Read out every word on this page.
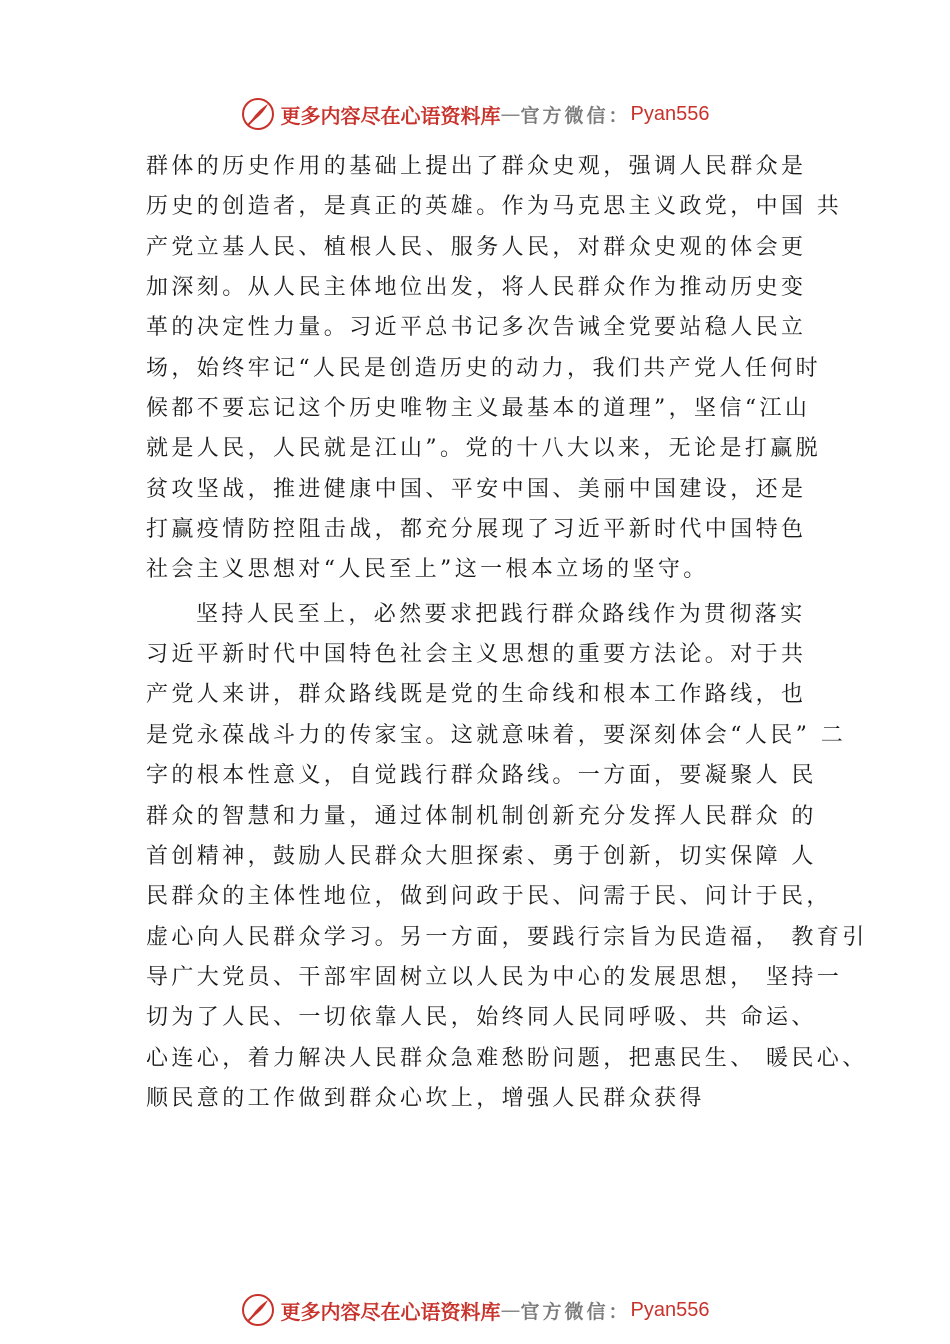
更多内容尽在心语资料库 — 官方微信： Pyan556
群体的历史作用的基础上提出了群众史观，强调人民群众是
历史的创造者，是真正的英雄。作为马克思主义政党，中国 共
产党立基人民、植根人民、服务人民，对群众史观的体会更
加深刻。从人民主体地位出发，将人民群众作为推动历史变
革的决定性力量。习近平总书记多次告诫全党要站稳人民立
场，始终牢记“人民是创造历史的动力，我们共产党人任何时
候都不要忘记这个历史唯物主义最基本的道理”，坚信“江山
就是人民，人民就是江山”。党的十八大以来，无论是打赢脱
贫攻坚战，推进健康中国、平安中国、美丽中国建设，还是
打赢疫情防控阻击战，都充分展现了习近平新时代中国特色
社会主义思想对“人民至上”这一根本立场的坚守。
坚持人民至上，必然要求把践行群众路线作为贯彻落实
习近平新时代中国特色社会主义思想的重要方法论。对于共
产党人来讲，群众路线既是党的生命线和根本工作路线，也
是党永葆战斗力的传家宝。这就意味着，要深刻体会“人民” 二
字的根本性意义，自觉践行群众路线。一方面，要凝聚人 民
群众的智慧和力量，通过体制机制创新充分发挥人民群众 的
首创精神，鼓励人民群众大胆探索、勇于创新，切实保障 人
民群众的主体性地位，做到问政于民、问需于民、问计于民，
虚心向人民群众学习。另一方面，要践行宗旨为民造福， 教育引
导广大党员、干部牢固树立以人民为中心的发展思想， 坚持一
切为了人民、一切依靠人民，始终同人民同呼吸、共 命运、
心连心，着力解决人民群众急难愁盼问题，把惠民生、 暖民心、
顺民意的工作做到群众心坎上，增强人民群众获得
更多内容尽在心语资料库 — 官方微信： Pyan556
